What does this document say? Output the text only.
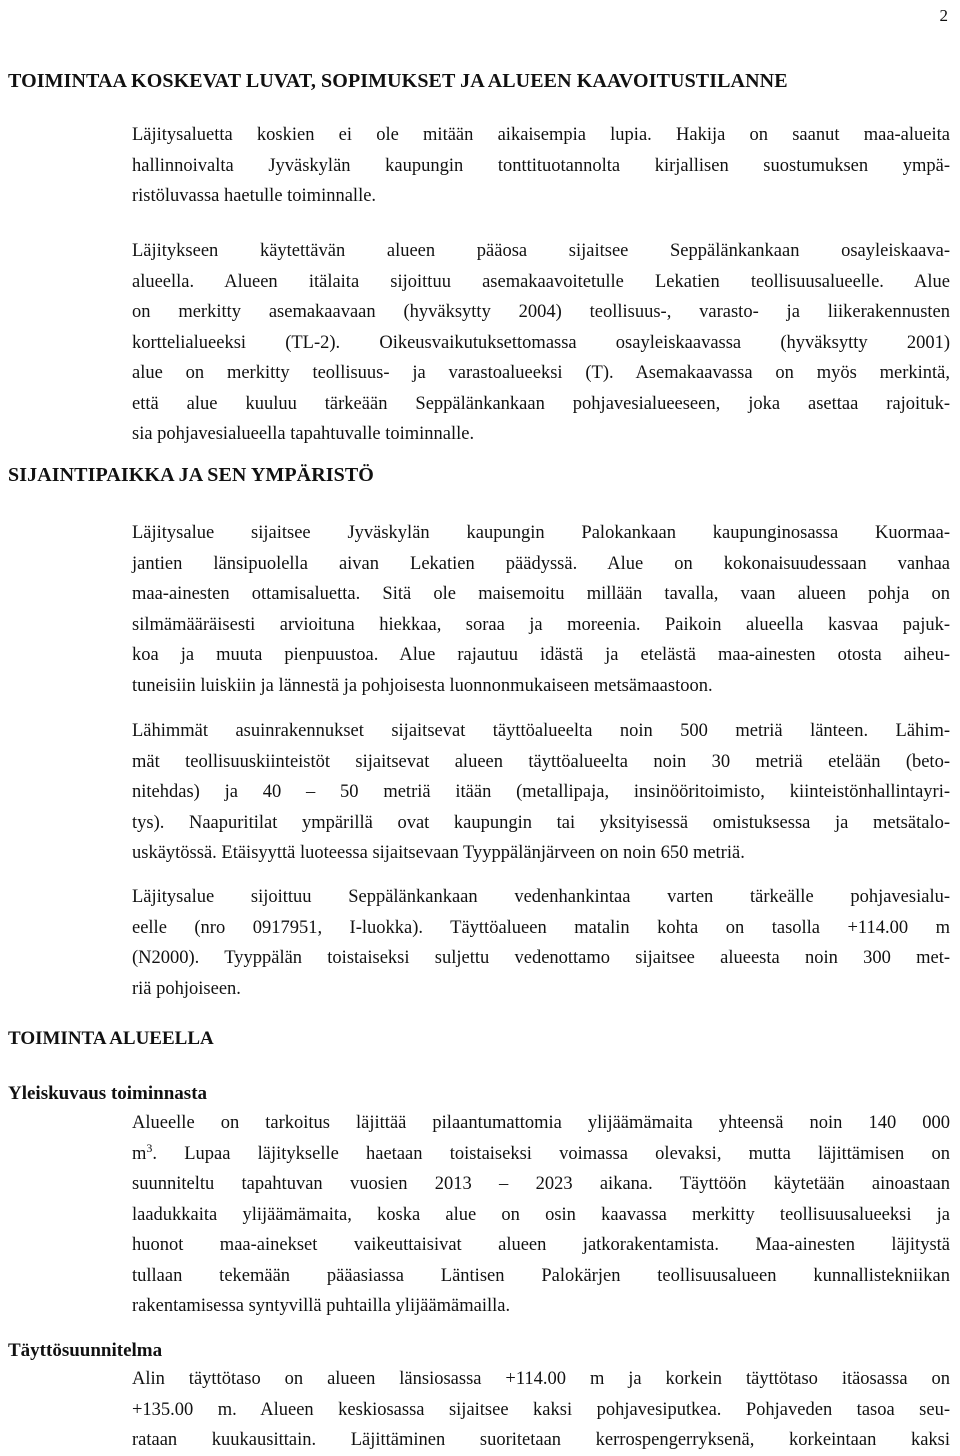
2
TOIMINTAA KOSKEVAT LUVAT, SOPIMUKSET JA ALUEEN KAAVOITUSTILANNE
Läjitysaluetta koskien ei ole mitään aikaisempia lupia. Hakija on saanut maa-alueita
hallinnoivalta Jyväskylän kaupungin tonttituotannolta kirjallisen suostumuksen ympä-
ristöluvassa haetulle toiminnalle.
Läjitykseen käytettävän alueen pääosa sijaitsee Seppälänkankaan osayleiskaava-
alueella. Alueen itälaita sijoittuu asemakaavoitetulle Lekatien teollisuusalueelle. Alue
on merkitty asemakaavaan (hyväksytty 2004) teollisuus-, varasto- ja liikerakennusten
korttelialueeksi (TL-2). Oikeusvaikutuksettomassa osayleiskaavassa (hyväksytty 2001)
alue on merkitty teollisuus- ja varastoalueeksi (T). Asemakaavassa on myös merkintä,
että alue kuuluu tärkeään Seppälänkankaan pohjavesialueeseen, joka asettaa rajoituk-
sia pohjavesialueella tapahtuvalle toiminnalle.
SIJAINTIPAIKKA JA SEN YMPÄRISTÖ
Läjitysalue sijaitsee Jyväskylän kaupungin Palokankaan kaupunginosassa Kuormaa-
jantien länsipuolella aivan Lekatien päädyssä. Alue on kokonaisuudessaan vanhaa
maa-ainesten ottamisaluetta. Sitä ole maisemoitu millään tavalla, vaan alueen pohja on
silmämääräisesti arvioituna hiekkaa, soraa ja moreenia. Paikoin alueella kasvaa pajuk-
koa ja muuta pienpuustoa. Alue rajautuu idästä ja etelästä maa-ainesten otosta aiheu-
tuneisiin luiskiin ja lännestä ja pohjoisesta luonnonmukaiseen metsämaastoon.
Lähimmät asuinrakennukset sijaitsevat täyttöalueelta noin 500 metriä länteen. Lähim-
mät teollisuuskiinteistöt sijaitsevat alueen täyttöalueelta noin 30 metriä etelään (beto-
nitehdas) ja 40 – 50 metriä itään (metallipaja, insinööritoimisto, kiinteistönhallintayri-
tys). Naapuritilat ympärillä ovat kaupungin tai yksityisessä omistuksessa ja metsätalo-
uskäytössä. Etäisyyttä luoteessa sijaitsevaan Tyyppälänjärveen on noin 650 metriä.
Läjitysalue sijoittuu Seppälänkankaan vedenhankintaa varten tärkeälle pohjavesialu-
eelle (nro 0917951, I-luokka). Täyttöalueen matalin kohta on tasolla +114.00 m
(N2000). Tyyppälän toistaiseksi suljettu vedenottamo sijaitsee alueesta noin 300 met-
riä pohjoiseen.
TOIMINTA ALUEELLA
Yleiskuvaus toiminnasta
Alueelle on tarkoitus läjittää pilaantumattomia ylijäämämaita yhteensä noin 140 000
$m^3$. Lupaa läjitykselle haetaan toistaiseksi voimassa olevaksi, mutta läjittämisen on
suunniteltu tapahtuvan vuosien 2013 – 2023 aikana. Täyttöön käytetään ainoastaan
laadukkaita ylijäämämaita, koska alue on osin kaavassa merkitty teollisuusalueeksi ja
huonot maa-ainekset vaikeuttaisivat alueen jatkorakentamista. Maa-ainesten läjitystä
tullaan tekemään pääasiassa Läntisen Palokärjen teollisuusalueen kunnallistekniikan
rakentamisessa syntyvillä puhtailla ylijäämämailla.
Täyttösuunnitelma
Alin täyttötaso on alueen länsiosassa +114.00 m ja korkein täyttötaso itäosassa on
+135.00 m. Alueen keskiosassa sijaitsee kaksi pohjavesiputkea. Pohjaveden tasoa seu-
rataan kuukausittain. Läjittäminen suoritetaan kerrospengerryksenä, korkeintaan kaksi
